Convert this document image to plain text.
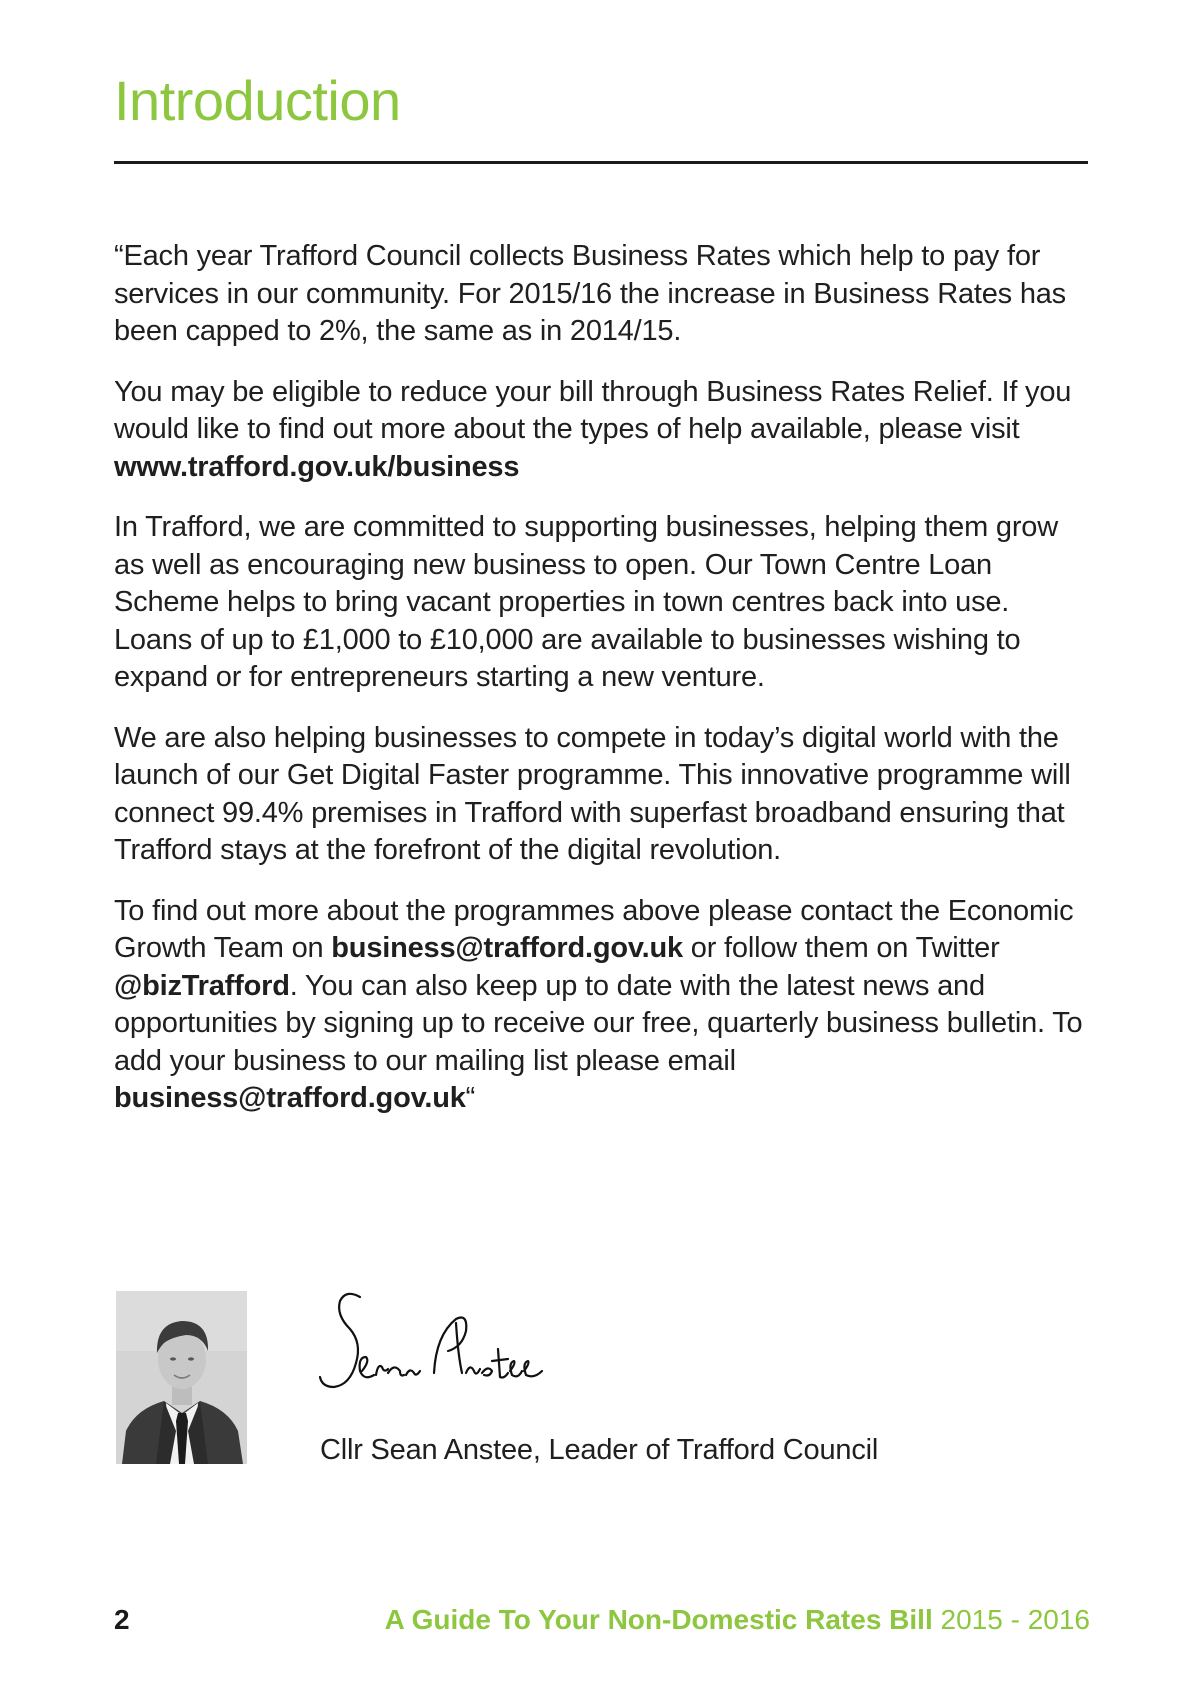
Introduction

“Each year Trafford Council collects Business Rates which help to pay for services in our community. For 2015/16 the increase in Business Rates has been capped to 2%, the same as in 2014/15.

You may be eligible to reduce your bill through Business Rates Relief. If you would like to find out more about the types of help available, please visit www.trafford.gov.uk/business

In Trafford, we are committed to supporting businesses, helping them grow as well as encouraging new business to open. Our Town Centre Loan Scheme helps to bring vacant properties in town centres back into use. Loans of up to £1,000 to £10,000 are available to businesses wishing to expand or for entrepreneurs starting a new venture.

We are also helping businesses to compete in today’s digital world with the launch of our Get Digital Faster programme. This innovative programme will connect 99.4% premises in Trafford with superfast broadband ensuring that Trafford stays at the forefront of the digital revolution.

To find out more about the programmes above please contact the Economic Growth Team on business@trafford.gov.uk or follow them on Twitter @bizTrafford. You can also keep up to date with the latest news and opportunities by signing up to receive our free, quarterly business bulletin. To add your business to our mailing list please email business@trafford.gov.uk“

Cllr Sean Anstee, Leader of Trafford Council
2	A Guide To Your Non-Domestic Rates Bill 2015 - 2016
